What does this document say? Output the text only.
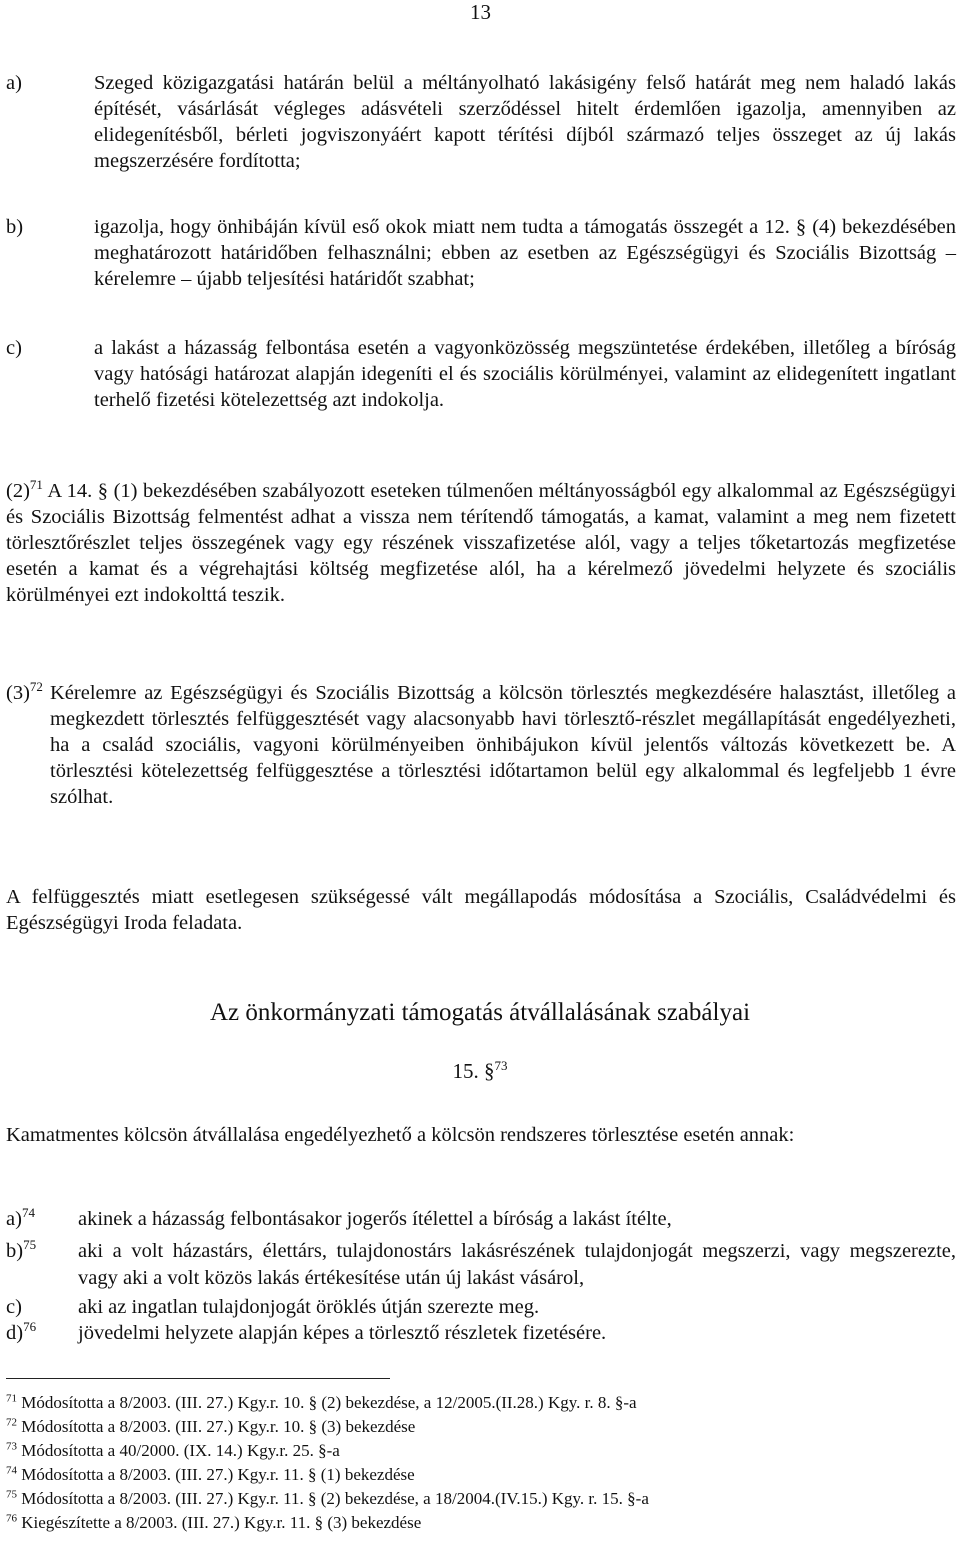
13
a)	Szeged közigazgatási határán belül a méltányolható lakásigény felső határát meg nem haladó lakás építését, vásárlását végleges adásvételi szerződéssel hitelt érdemlően igazolja, amennyiben az elidegenítésből, bérleti jogviszonyáért kapott térítési díjból származó teljes összeget az új lakás megszerzésére fordította;
b)	igazolja, hogy önhibáján kívül eső okok miatt nem tudta a támogatás összegét a 12. § (4) bekezdésében meghatározott határidőben felhasználni; ebben az esetben az Egészségügyi és Szociális Bizottság – kérelemre – újabb teljesítési határidőt szabhat;
c)	a lakást a házasság felbontása esetén a vagyonközösség megszüntetése érdekében, illetőleg a bíróság vagy hatósági határozat alapján idegeníti el és szociális körülményei, valamint az elidegenített ingatlant terhelő fizetési kötelezettség azt indokolja.
$(2)^{71}$ A 14. § (1) bekezdésében szabályozott eseteken túlmenően méltányosságból egy alkalommal az Egészségügyi és Szociális Bizottság felmentést adhat a vissza nem térítendő támogatás, a kamat, valamint a meg nem fizetett törlesztőrészlet teljes összegének vagy egy részének visszafizetése alól, vagy a teljes tőketartozás megfizetése esetén a kamat és a végrehajtási költség megfizetése alól, ha a kérelmező jövedelmi helyzete és szociális körülményei ezt indokolttá teszik.
$(3)^{72}$ Kérelemre az Egészségügyi és Szociális Bizottság a kölcsön törlesztés megkezdésére halasztást, illetőleg a megkezdett törlesztés felfüggesztését vagy alacsonyabb havi törlesztő-részlet megállapítását engedélyezheti, ha a család szociális, vagyoni körülményeiben önhibájukon kívül jelentős változás következett be. A törlesztési kötelezettség felfüggesztése a törlesztési időtartamon belül egy alkalommal és legfeljebb 1 évre szólhat.
A felfüggesztés miatt esetlegesen szükségessé vált megállapodás módosítása a Szociális, Családvédelmi és Egészségügyi Iroda feladata.
Az önkormányzati támogatás átvállalásának szabályai
15. §$^{73}$
Kamatmentes kölcsön átvállalása engedélyezhető a kölcsön rendszeres törlesztése esetén annak:
a)$^{74}$	akinek a házasság felbontásakor jogerős ítélettel a bíróság a lakást ítélte,
b)$^{75}$	aki a volt házastárs, élettárs, tulajdonostárs lakásrészének tulajdonjogát megszerzi, vagy megszerezte, vagy aki a volt közös lakás értékesítése után új lakást vásárol,
c)	aki az ingatlan tulajdonjogát öröklés útján szerezte meg.
d)$^{76}$	jövedelmi helyzete alapján képes a törlesztő részletek fizetésére.
$^{71}$ Módosította a 8/2003. (III. 27.) Kgy.r. 10. § (2) bekezdése, a 12/2005.(II.28.) Kgy. r. 8. §-a
$^{72}$ Módosította a 8/2003. (III. 27.) Kgy.r. 10. § (3) bekezdése
$^{73}$ Módosította a 40/2000. (IX. 14.) Kgy.r. 25. §-a
$^{74}$ Módosította a 8/2003. (III. 27.) Kgy.r. 11. § (1) bekezdése
$^{75}$ Módosította a 8/2003. (III. 27.) Kgy.r. 11. § (2) bekezdése, a 18/2004.(IV.15.) Kgy. r. 15. §-a
$^{76}$ Kiegészítette a 8/2003. (III. 27.) Kgy.r. 11. § (3) bekezdése
